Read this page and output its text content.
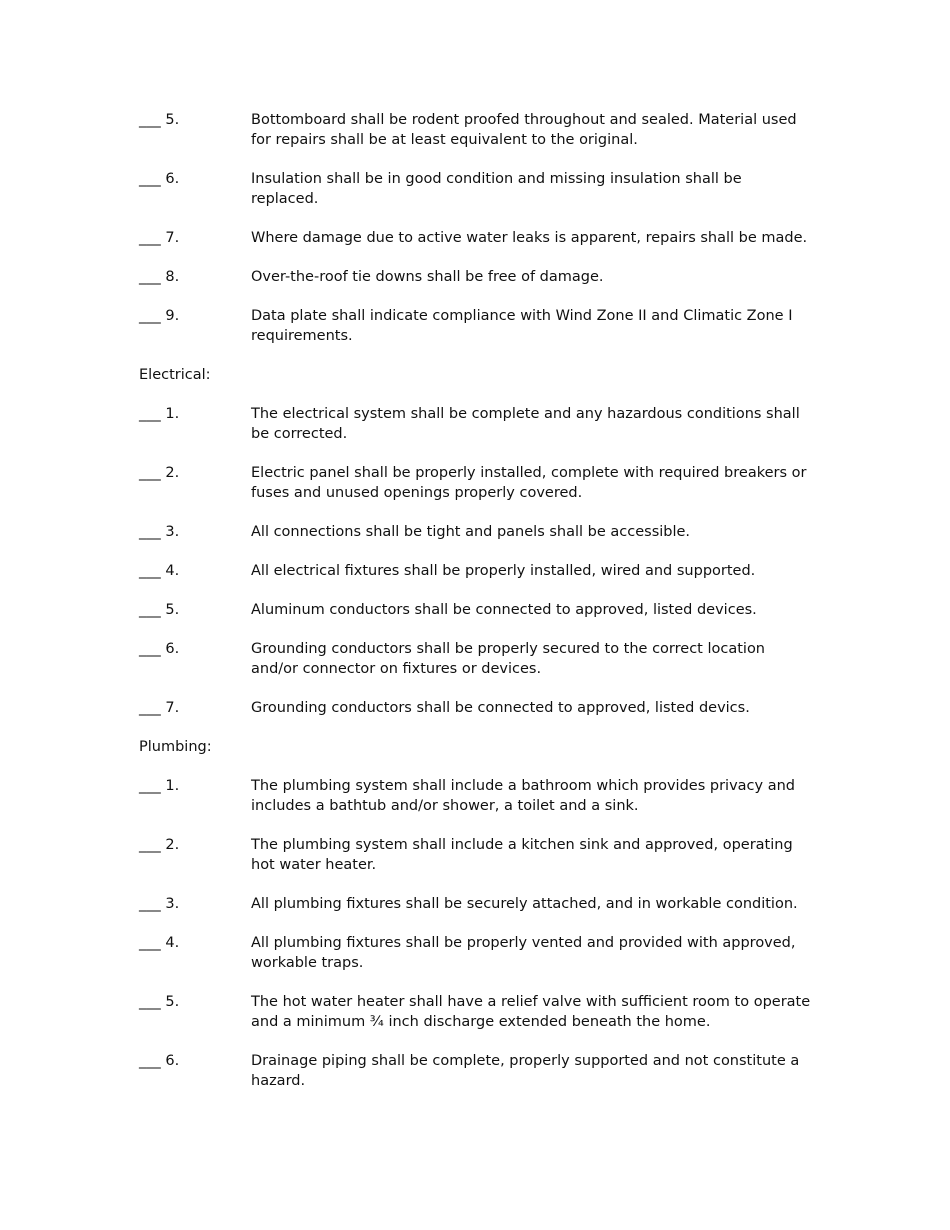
___ 5.	Bottomboard shall be rodent proofed throughout and sealed. Material used for repairs shall be at least equivalent to the original.
___ 6.	Insulation shall be in good condition and missing insulation shall be replaced.
___ 7.	Where damage due to active water leaks is apparent, repairs shall be made.
___ 8.	Over-the-roof tie downs shall be free of damage.
___ 9.	Data plate shall indicate compliance with Wind Zone II and Climatic Zone I requirements.
Electrical:
___ 1.	The electrical system shall be complete and any hazardous conditions shall be corrected.
___ 2.	Electric panel shall be properly installed, complete with required breakers or fuses and unused openings properly covered.
___ 3.	All connections shall be tight and panels shall be accessible.
___ 4.	All electrical fixtures shall be properly installed, wired and supported.
___ 5.	Aluminum conductors shall be connected to approved, listed devices.
___ 6.	Grounding conductors shall be properly secured to the correct location and/or connector on fixtures or devices.
___ 7.	Grounding conductors shall be connected to approved, listed devics.
Plumbing:
___ 1.	The plumbing system shall include a bathroom which provides privacy and includes a bathtub and/or shower, a toilet and a sink.
___ 2.	The plumbing system shall include a kitchen sink and approved, operating hot water heater.
___ 3.	All plumbing fixtures shall be securely attached, and in workable condition.
___ 4.	All plumbing fixtures shall be properly vented and provided with approved, workable traps.
___ 5.	The hot water heater shall have a relief valve with sufficient room to operate and a minimum ¾ inch discharge extended beneath the home.
___ 6.	Drainage piping shall be complete, properly supported and not constitute a hazard.
